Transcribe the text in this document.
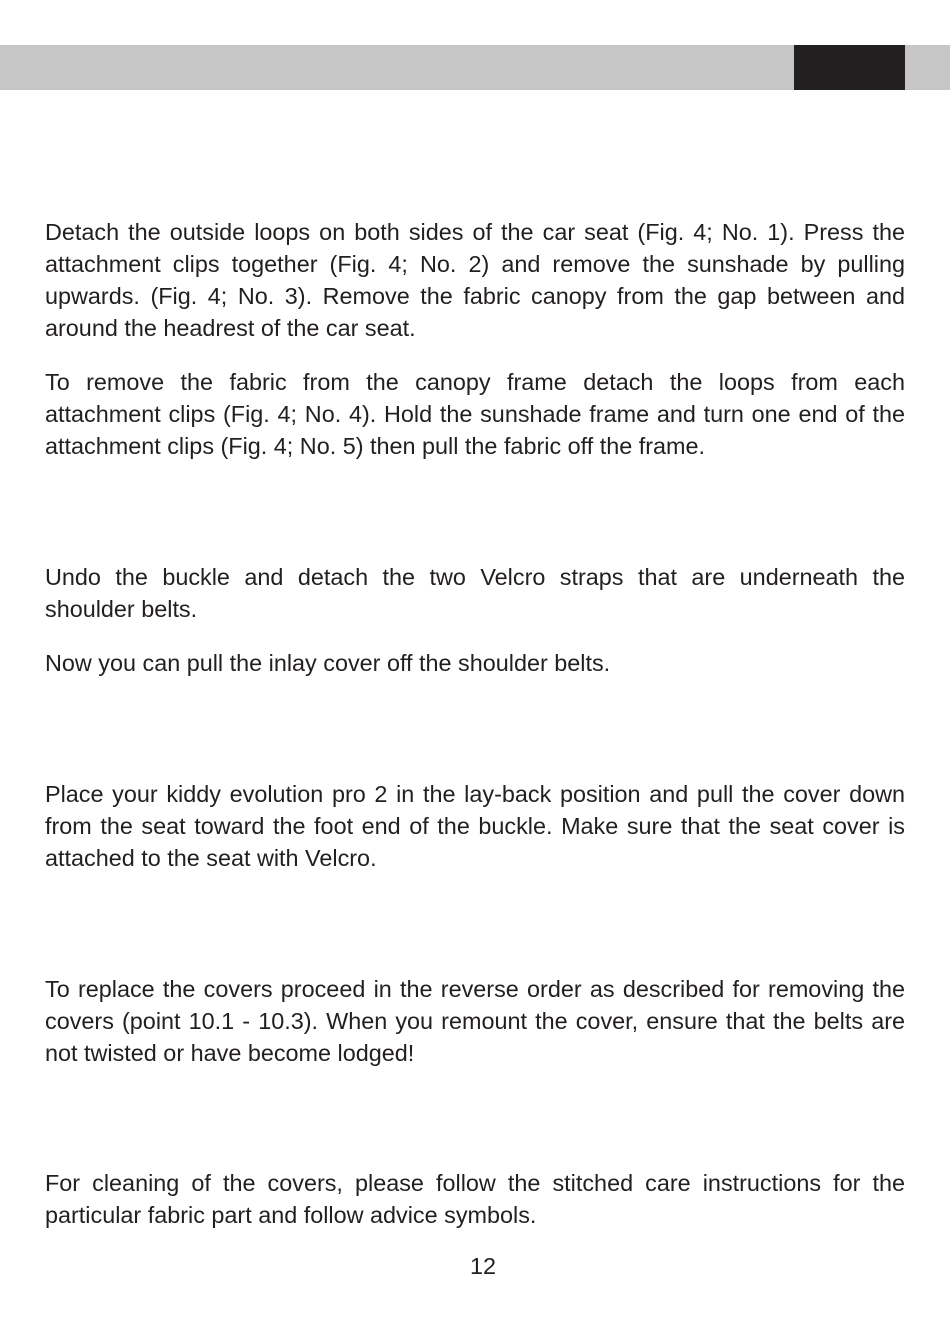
Detach the outside loops on both sides of the car seat (Fig. 4; No. 1). Press the attachment clips together (Fig. 4; No. 2) and remove the sunshade by pulling upwards. (Fig. 4; No. 3). Remove the fabric canopy from the gap between and around the headrest of the car seat.

To remove the fabric from the canopy frame detach the loops from each attachment clips (Fig. 4; No. 4). Hold the sunshade frame and turn one end of the attachment clips (Fig. 4; No. 5) then pull the fabric off the frame.

Undo the buckle and detach the two Velcro straps that are underneath the shoulder belts.

Now you can pull the inlay cover off the shoulder belts.

Place your kiddy evolution pro 2 in the lay-back position and pull the cover down from the seat toward the foot end of the buckle. Make sure that the seat cover is attached to the seat with Velcro.

To replace the covers proceed in the reverse order as described for removing the covers (point 10.1 - 10.3). When you remount the cover, ensure that the belts are not twisted or have become lodged!

For cleaning of the covers, please follow the stitched care instructions for the particular fabric part and follow advice symbols.

12
